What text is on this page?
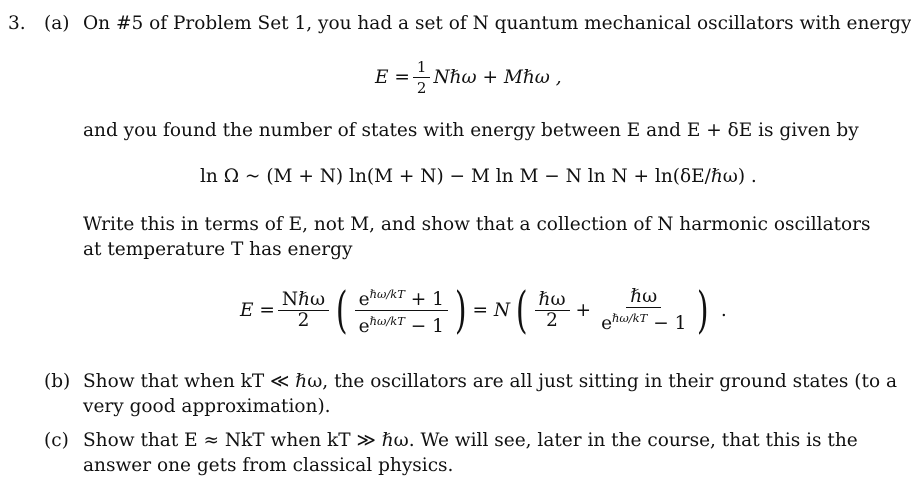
3. (a) On #5 of Problem Set 1, you had a set of N quantum mechanical oscillators with energy
$E = \frac{1}{2}$ Nℏω + Mℏω ,
and you found the number of states with energy between E and E + δE is given by
ln Ω ~ (M + N) ln(M + N) − M ln M − N ln N + ln(δE/ℏω) .
Write this in terms of E, not M, and show that a collection of N harmonic oscillators
at temperature T has energy
$E = \frac{\text{Nℏω}}{2}$ ( $\frac{e^{\hbar\omega/kT} + 1}{e^{\hbar\omega/kT} - 1}$ ) = N ( $\frac{\text{ℏω}}{2} + \frac{\text{ℏω}}{e^{\hbar\omega/kT} - 1}$ ) .
(b) Show that when kT ≪ ℏω, the oscillators are all just sitting in their ground states (to a
very good approximation).
(c) Show that E ≈ NkT when kT ≫ ℏω. We will see, later in the course, that this is the
answer one gets from classical physics.
